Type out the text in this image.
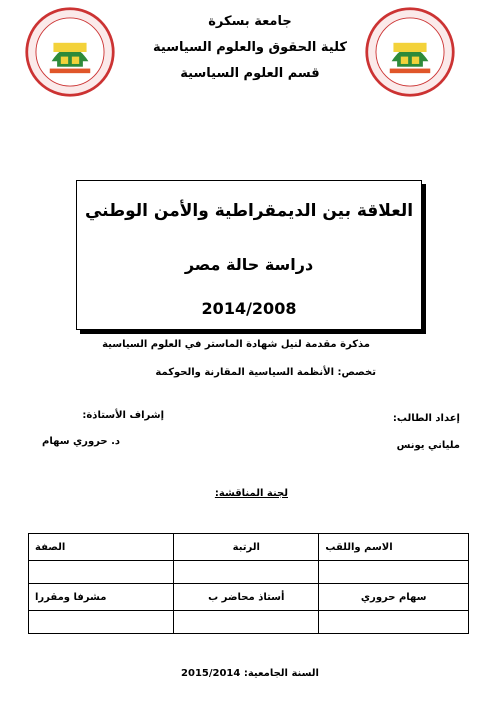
جامعة بسكرة
كلية الحقوق والعلوم السياسية
قسم العلوم السياسية
العلاقة بين الديمقراطية والأمن الوطني
دراسة حالة مصر
2014/2008
مذكرة مقدمة لنيل شهادة الماستر في العلوم السياسية
تخصص: الأنظمة السياسية المقارنة والحوكمة
إعداد الطالب:
ملياني يونس
إشراف الأستاذة:
د. حروري سهام
لجنة المناقشة:
الصفة	الرتبة	الاسم واللقب

مشرفا ومقررا	أستاذ محاضر ب	سهام حروري

السنة الجامعية: 2015/2014
